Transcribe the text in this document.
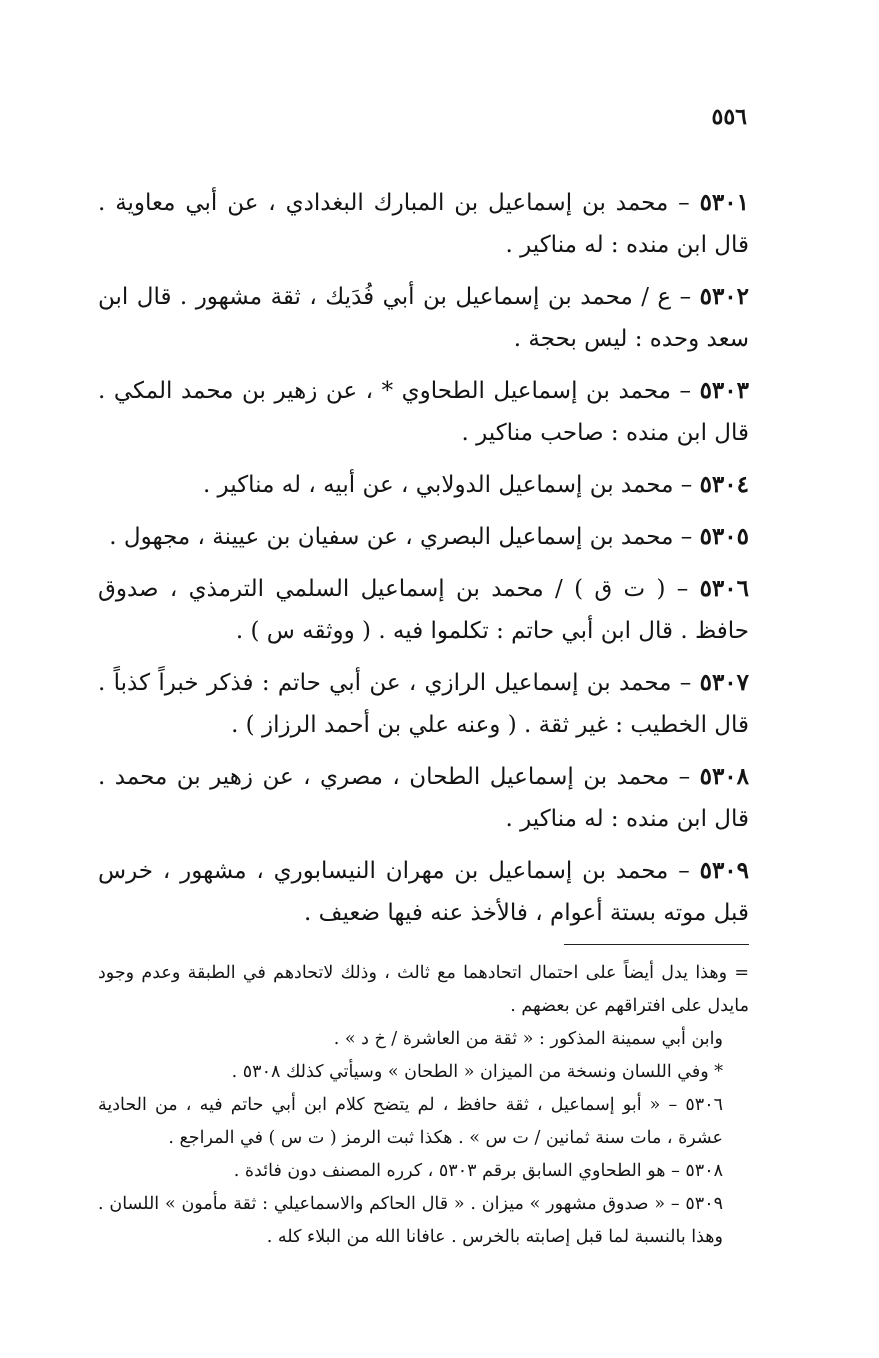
٥٥٦

٥٣٠١ – محمد بن إسماعيل بن المبارك البغدادي ، عن أبي معاوية . قال ابن منده : له مناكير .

٥٣٠٢ – ع / محمد بن إسماعيل بن أبي فُدَيك ، ثقة مشهور . قال ابن سعد وحده : ليس بحجة .

٥٣٠٣ – محمد بن إسماعيل الطحاوي * ، عن زهير بن محمد المكي . قال ابن منده : صاحب مناكير .

٥٣٠٤ – محمد بن إسماعيل الدولابي ، عن أبيه ، له مناكير .

٥٣٠٥ – محمد بن إسماعيل البصري ، عن سفيان بن عيينة ، مجهول .

٥٣٠٦ – ( ت ق ) / محمد بن إسماعيل السلمي الترمذي ، صدوق حافظ . قال ابن أبي حاتم : تكلموا فيه . ( ووثقه س ) .

٥٣٠٧ – محمد بن إسماعيل الرازي ، عن أبي حاتم : فذكر خبراً كذباً . قال الخطيب : غير ثقة . ( وعنه علي بن أحمد الرزاز ) .

٥٣٠٨ – محمد بن إسماعيل الطحان ، مصري ، عن زهير بن محمد . قال ابن منده : له مناكير .

٥٣٠٩ – محمد بن إسماعيل بن مهران النيسابوري ، مشهور ، خرس قبل موته بستة أعوام ، فالأخذ عنه فيها ضعيف .

= وهذا يدل أيضاً على احتمال اتحادهما مع ثالث ، وذلك لاتحادهم في الطبقة وعدم وجود مايدل على افتراقهم عن بعضهم .

وابن أبي سمينة المذكور : « ثقة من العاشرة / خ د » .

* وفي اللسان ونسخة من الميزان « الطحان » وسيأتي كذلك ٥٣٠٨ .

٥٣٠٦ – « أبو إسماعيل ، ثقة حافظ ، لم يتضح كلام ابن أبي حاتم فيه ، من الحادية عشرة ، مات سنة ثمانين / ت س » . هكذا ثبت الرمز ( ت س ) في المراجع .

٥٣٠٨ – هو الطحاوي السابق برقم ٥٣٠٣ ، كرره المصنف دون فائدة .

٥٣٠٩ – « صدوق مشهور » ميزان . « قال الحاكم والاسماعيلي : ثقة مأمون » اللسان . وهذا بالنسبة لما قبل إصابته بالخرس . عافانا الله من البلاء كله .
